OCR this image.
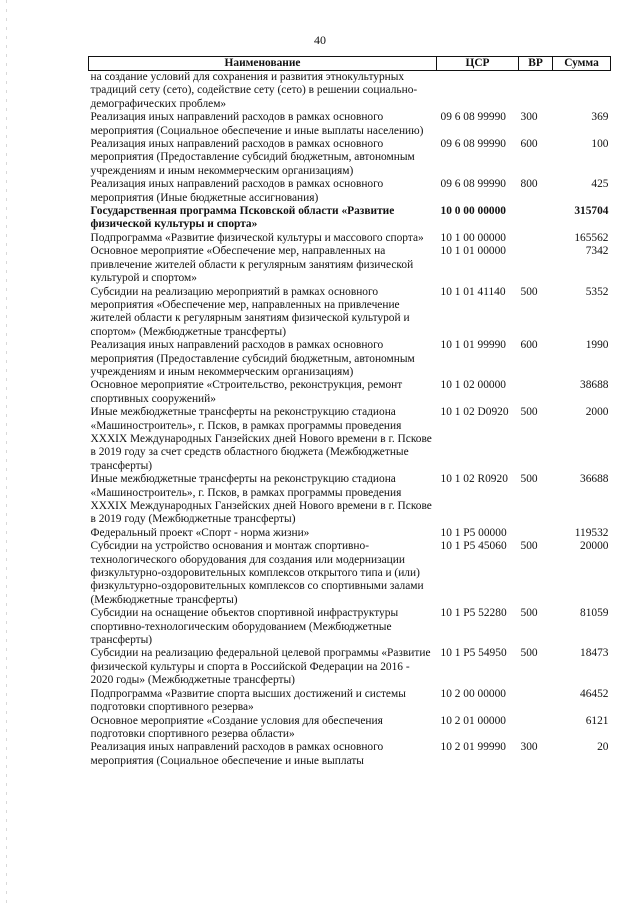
40
Наименование	ЦСР	ВР	Сумма
на создание условий для сохранения и развития этнокультурных традиций сету (сето), содействие сету (сето) в решении социально-демографических проблем»			
Реализация иных направлений расходов в рамках основного мероприятия (Социальное обеспечение и иные выплаты населению)	09 6 08 99990	300	369
Реализация иных направлений расходов в рамках основного мероприятия (Предоставление субсидий бюджетным, автономным учреждениям и иным некоммерческим организациям)	09 6 08 99990	600	100
Реализация иных направлений расходов в рамках основного мероприятия (Иные бюджетные ассигнования)	09 6 08 99990	800	425
Государственная программа Псковской области «Развитие физической культуры и спорта»	10 0 00 00000		315704
Подпрограмма «Развитие физической культуры и массового спорта»	10 1 00 00000		165562
Основное мероприятие «Обеспечение мер, направленных на привлечение жителей области к регулярным занятиям физической культурой и спортом»	10 1 01 00000		7342
Субсидии на реализацию мероприятий в рамках основного мероприятия «Обеспечение мер, направленных на привлечение жителей области к регулярным занятиям физической культурой и спортом» (Межбюджетные трансферты)	10 1 01 41140	500	5352
Реализация иных направлений расходов в рамках основного мероприятия (Предоставление субсидий бюджетным, автономным учреждениям и иным некоммерческим организациям)	10 1 01 99990	600	1990
Основное мероприятие «Строительство, реконструкция, ремонт спортивных сооружений»	10 1 02 00000		38688
Иные межбюджетные трансферты на реконструкцию стадиона «Машиностроитель», г. Псков, в рамках программы проведения XXXIX Международных Ганзейских дней Нового времени в г. Пскове в 2019 году за счет средств областного бюджета (Межбюджетные трансферты)	10 1 02 D0920	500	2000
Иные межбюджетные трансферты на реконструкцию стадиона «Машиностроитель», г. Псков, в рамках программы проведения XXXIX Международных Ганзейских дней Нового времени в г. Пскове в 2019 году (Межбюджетные трансферты)	10 1 02 R0920	500	36688
Федеральный проект «Спорт - норма жизни»	10 1 P5 00000		119532
Субсидии на устройство основания и монтаж спортивно-технологического оборудования для создания или модернизации физкультурно-оздоровительных комплексов открытого типа и (или) физкультурно-оздоровительных комплексов со спортивными залами (Межбюджетные трансферты)	10 1 P5 45060	500	20000
Субсидии на оснащение объектов спортивной инфраструктуры спортивно-технологическим оборудованием (Межбюджетные трансферты)	10 1 P5 52280	500	81059
Субсидии на реализацию федеральной целевой программы «Развитие физической культуры и спорта в Российской Федерации на 2016 - 2020 годы» (Межбюджетные трансферты)	10 1 P5 54950	500	18473
Подпрограмма «Развитие спорта высших достижений и системы подготовки спортивного резерва»	10 2 00 00000		46452
Основное мероприятие «Создание условия для обеспечения подготовки спортивного резерва области»	10 2 01 00000		6121
Реализация иных направлений расходов в рамках основного мероприятия (Социальное обеспечение и иные выплаты	10 2 01 99990	300	20
